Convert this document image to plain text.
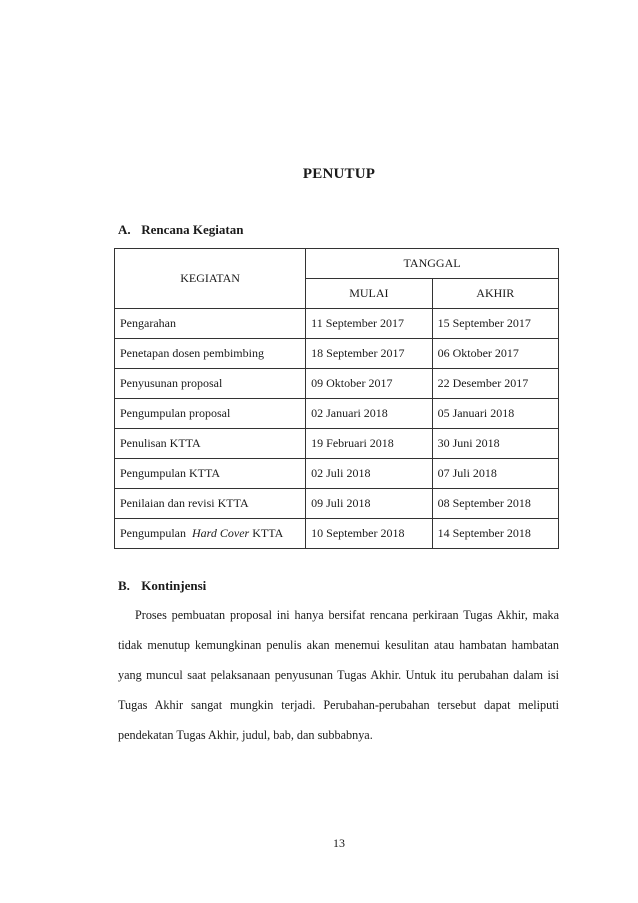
PENUTUP
A. Rencana Kegiatan
KEGIATAN	TANGGAL	
	MULAI	AKHIR
Pengarahan	11 September 2017	15 September 2017
Penetapan dosen pembimbing	18 September 2017	06 Oktober 2017
Penyusunan proposal	09 Oktober 2017	22 Desember 2017
Pengumpulan proposal	02 Januari 2018	05 Januari 2018
Penulisan KTTA	19 Februari 2018	30 Juni 2018
Pengumpulan KTTA	02 Juli 2018	07 Juli 2018
Penilaian dan revisi KTTA	09 Juli 2018	08 September 2018
Pengumpulan  Hard Cover KTTA	10 September 2018	14 September 2018
B. Kontinjensi
Proses pembuatan proposal ini hanya bersifat rencana perkiraan Tugas Akhir, maka tidak menutup kemungkinan penulis akan menemui kesulitan atau hambatan hambatan yang muncul saat pelaksanaan penyusunan Tugas Akhir. Untuk itu perubahan dalam isi Tugas Akhir sangat mungkin terjadi. Perubahan-perubahan tersebut dapat meliputi pendekatan Tugas Akhir, judul, bab, dan subbabnya.
13
